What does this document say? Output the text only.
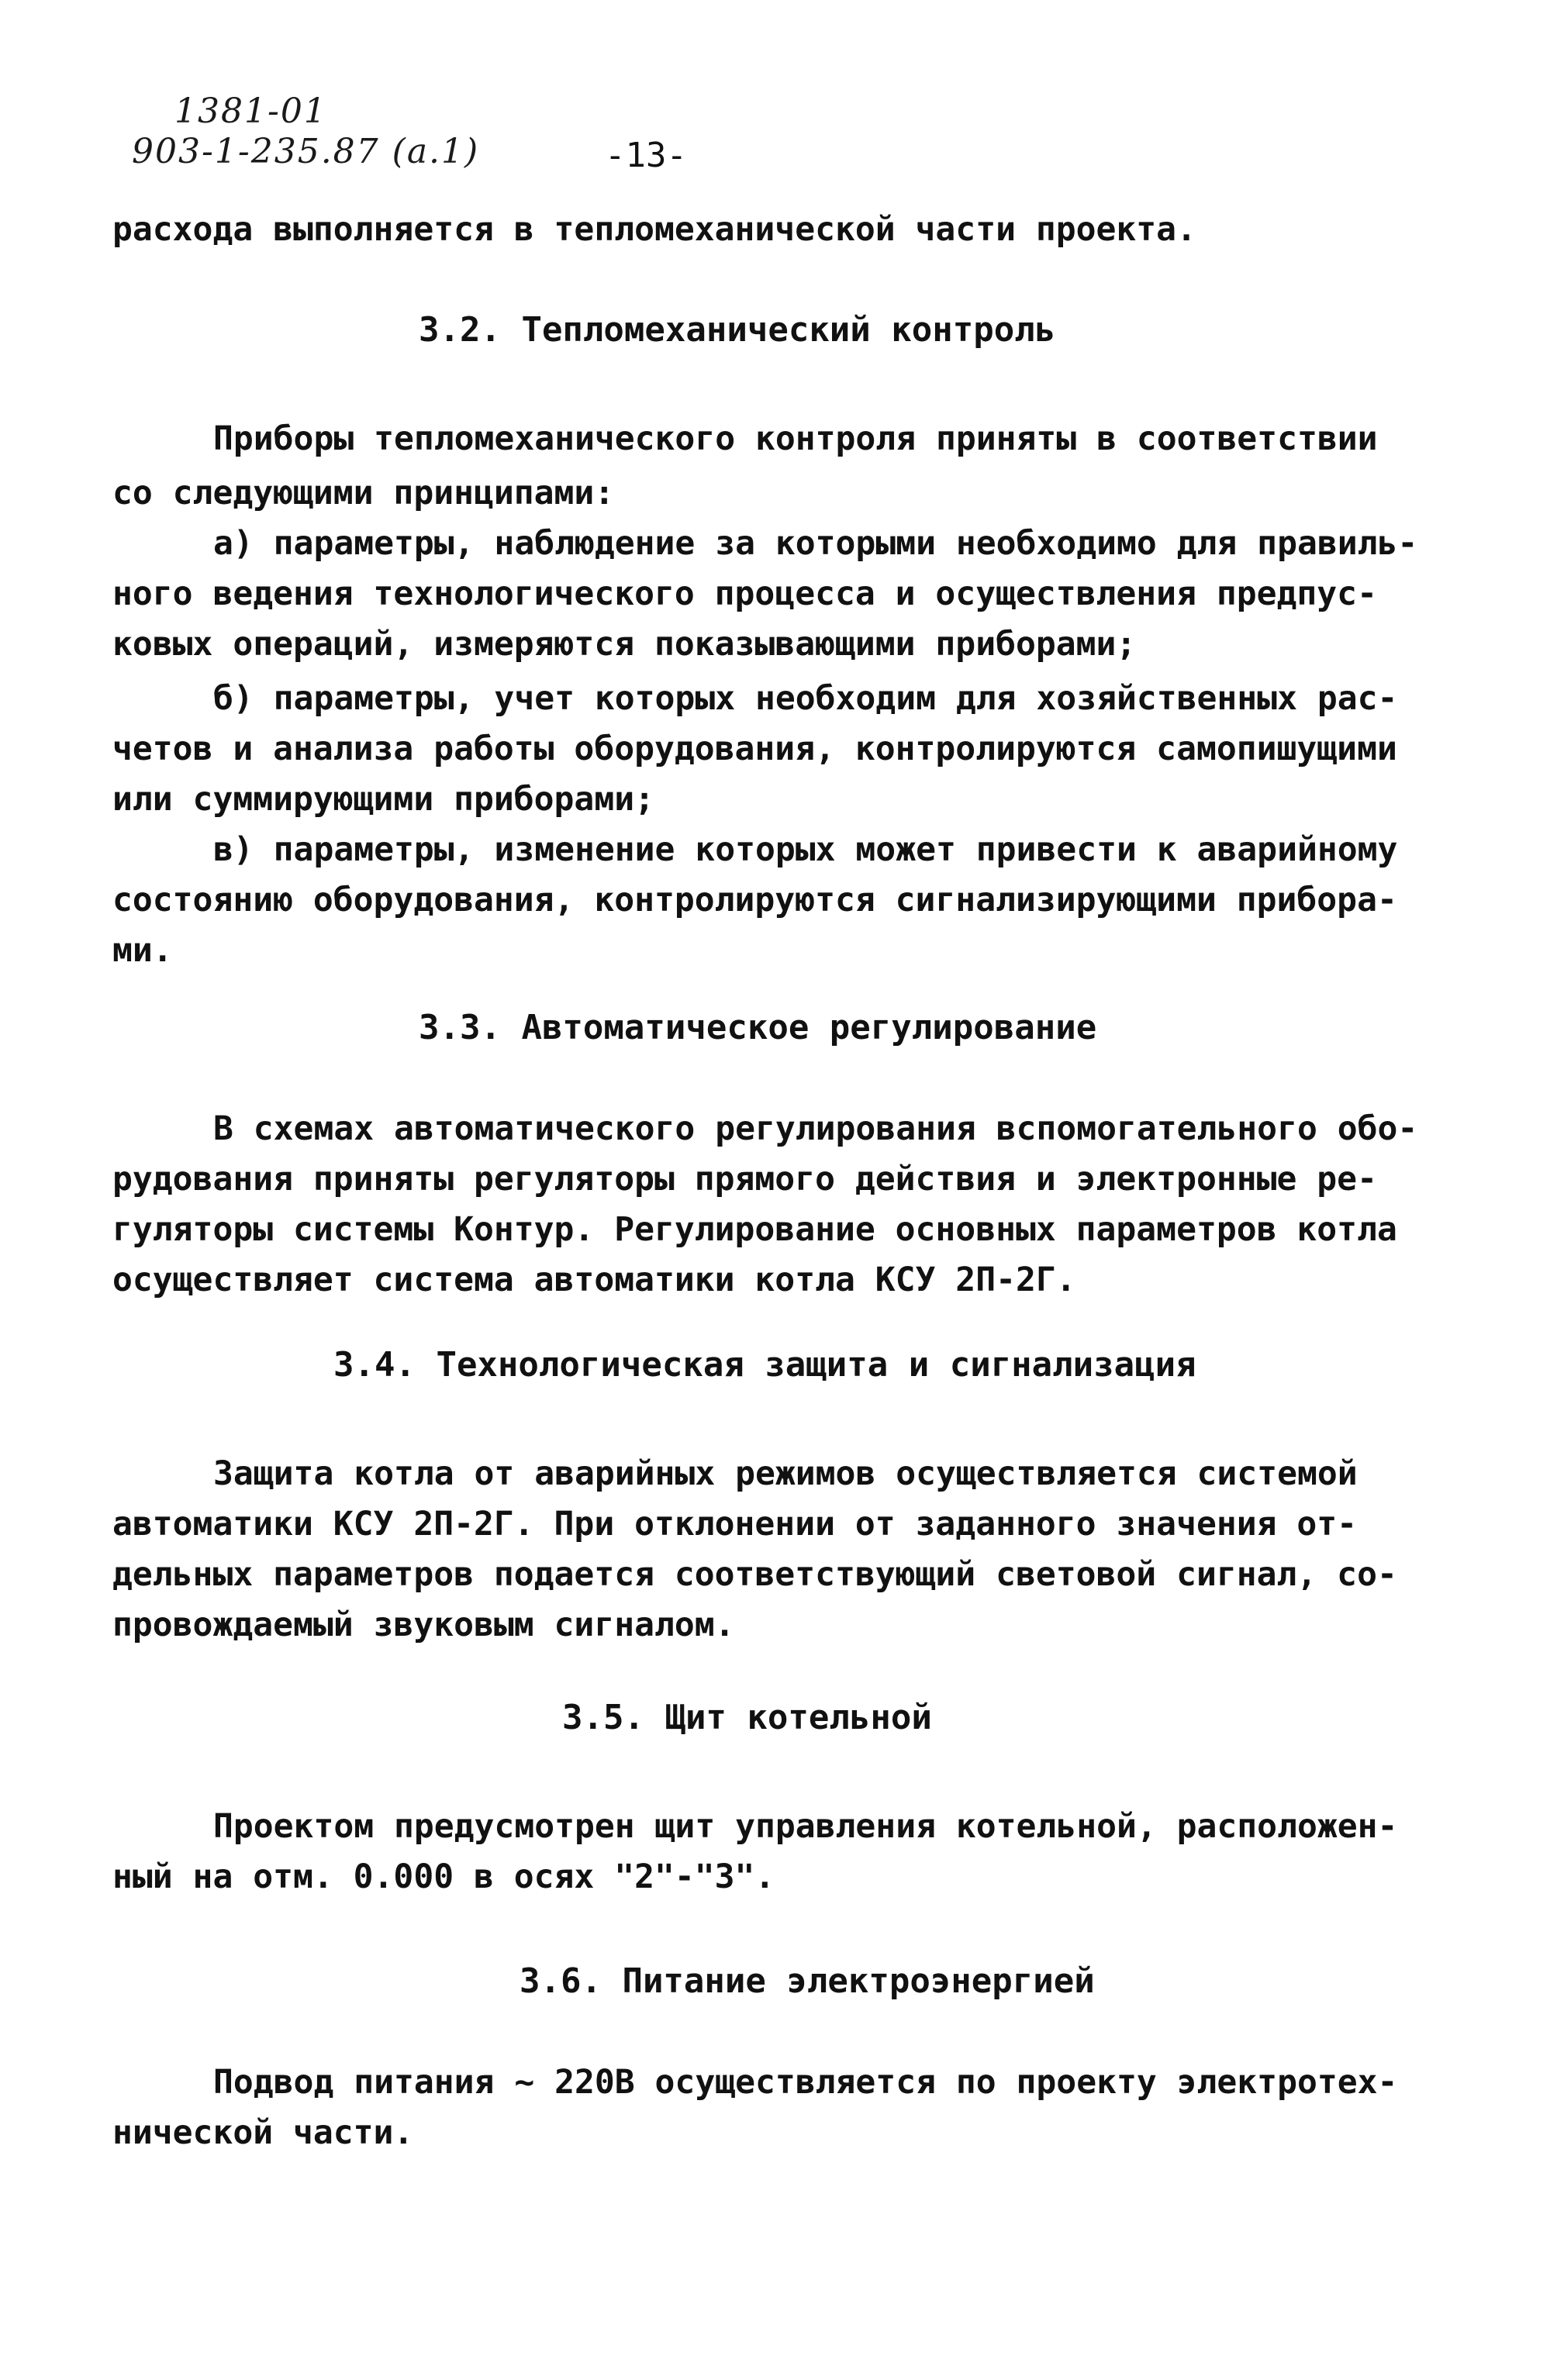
1381-01
903-1-235.87 (a.1)	-13-
расхода выполняется в тепломеханической части проекта.
3.2. Тепломеханический контроль
Приборы тепломеханического контроля приняты в соответствии
со следующими принципами:
а) параметры, наблюдение за которыми необходимо для правиль-
ного ведения технологического процесса и осуществления предпус-
ковых операций, измеряются показывающими приборами;
б) параметры, учет которых необходим для хозяйственных рас-
четов и анализа работы оборудования, контролируются самопишущими
или суммирующими приборами;
в) параметры, изменение которых может привести к аварийному
состоянию оборудования, контролируются сигнализирующими прибора-
ми.
3.3. Автоматическое регулирование
В схемах автоматического регулирования вспомогательного обо-
рудования приняты регуляторы прямого действия и электронные ре-
гуляторы системы Контур. Регулирование основных параметров котла
осуществляет система автоматики котла КСУ 2П-2Г.
3.4. Технологическая защита и сигнализация
Защита котла от аварийных режимов осуществляется системой
автоматики КСУ 2П-2Г. При отклонении от заданного значения от-
дельных параметров подается соответствующий световой сигнал, со-
провождаемый звуковым сигналом.
3.5. Щит котельной
Проектом предусмотрен щит управления котельной, расположен-
ный на отм. 0.000 в осях "2"-"3".
3.6. Питание электроэнергией
Подвод питания ~ 220В осуществляется по проекту электротех-
нической части.
